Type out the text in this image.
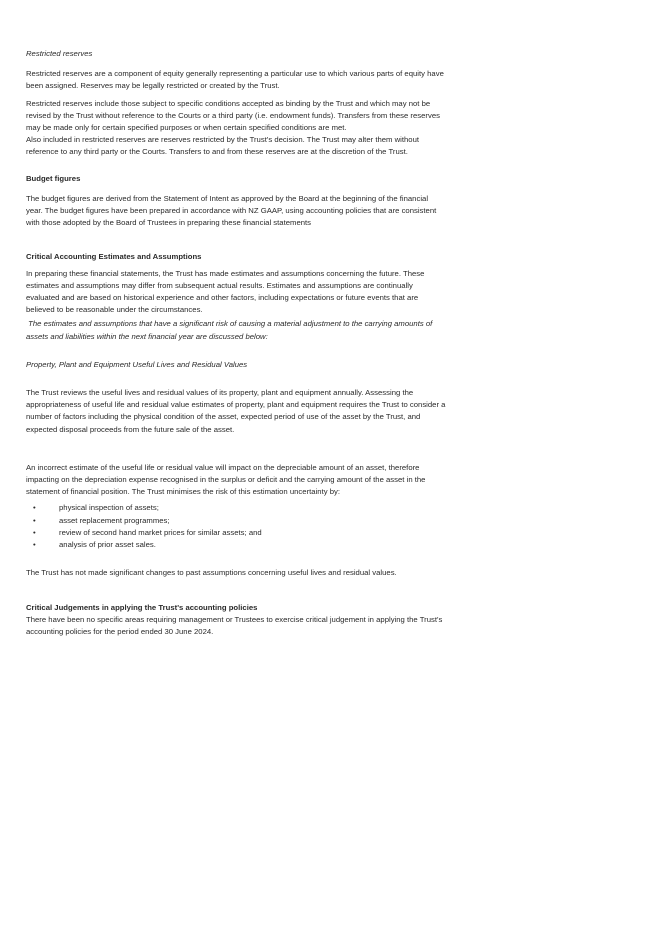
Restricted reserves

Restricted reserves are a component of equity generally representing a particular use to which various parts of equity have been assigned. Reserves may be legally restricted or created by the Trust.

Restricted reserves include those subject to specific conditions accepted as binding by the Trust and which may not be revised by the Trust without reference to the Courts or a third party (i.e. endowment funds). Transfers from these reserves may be made only for certain specified purposes or when certain specified conditions are met.

Also included in restricted reserves are reserves restricted by the Trust's decision. The Trust may alter them without reference to any third party or the Courts. Transfers to and from these reserves are at the discretion of the Trust.

Budget figures

The budget figures are derived from the Statement of Intent as approved by the Board at the beginning of the financial year. The budget figures have been prepared in accordance with NZ GAAP, using accounting policies that are consistent with those adopted by the Board of Trustees in preparing these financial statements

Critical Accounting Estimates and Assumptions

In preparing these financial statements, the Trust has made estimates and assumptions concerning the future. These estimates and assumptions may differ from subsequent actual results. Estimates and assumptions are continually evaluated and are based on historical experience and other factors, including expectations or future events that are believed to be reasonable under the circumstances.

The estimates and assumptions that have a significant risk of causing a material adjustment to the carrying amounts of assets and liabilities within the next financial year are discussed below:

Property, Plant and Equipment Useful Lives and Residual Values

The Trust reviews the useful lives and residual values of its property, plant and equipment annually. Assessing the appropriateness of useful life and residual value estimates of property, plant and equipment requires the Trust to consider a number of factors including the physical condition of the asset, expected period of use of the asset by the Trust, and expected disposal proceeds from the future sale of the asset.

An incorrect estimate of the useful life or residual value will impact on the depreciable amount of an asset, therefore impacting on the depreciation expense recognised in the surplus or deficit and the carrying amount of the asset in the statement of financial position. The Trust minimises the risk of this estimation uncertainty by:

• physical inspection of assets;
• asset replacement programmes;
• review of second hand market prices for similar assets; and
• analysis of prior asset sales.

The Trust has not made significant changes to past assumptions concerning useful lives and residual values.

Critical Judgements in applying the Trust's accounting policies

There have been no specific areas requiring management or Trustees to exercise critical judgement in applying the Trust's accounting policies for the period ended 30 June 2024.
